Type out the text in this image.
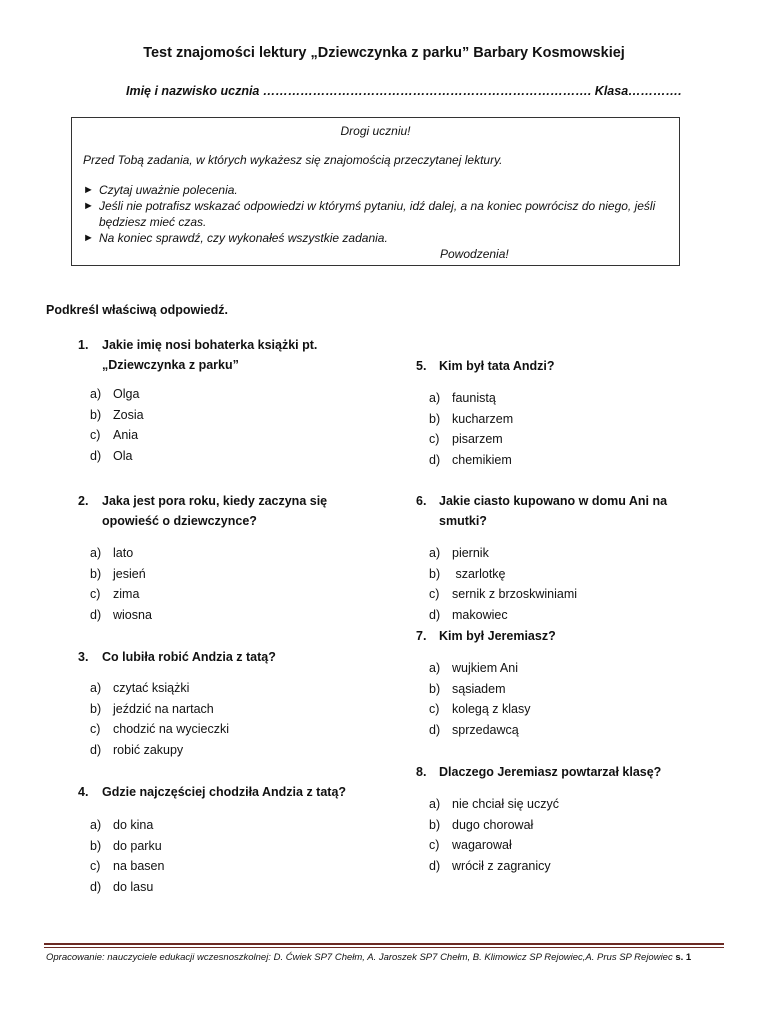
Test znajomości lektury „Dziewczynka z parku” Barbary Kosmowskiej
Imię i nazwisko ucznia ……………………………………………………………………. Klasa………….
Drogi uczniu!
Przed Tobą zadania, w których wykażesz się znajomością przeczytanej lektury.
► Czytaj uważnie polecenia.
► Jeśli nie potrafisz wskazać odpowiedzi w którymś pytaniu, idź dalej, a na koniec powrócisz do niego, jeśli będziesz mieć czas.
► Na koniec sprawdź, czy wykonałeś wszystkie zadania.
Powodzenia!
Podkreśl właściwą odpowiedź.
1. Jakie imię nosi bohaterka książki pt. „Dziewczynka z parku”
a) Olga
b) Zosia
c) Ania
d) Ola
2. Jaka jest pora roku, kiedy zaczyna się opowieść o dziewczynce?
a) lato
b) jesień
c) zima
d) wiosna
3. Co lubiła robić Andzia z tatą?
a) czytać książki
b) jeździć na nartach
c) chodzić na wycieczki
d) robić zakupy
4. Gdzie najczęściej chodziła Andzia z tatą?
a) do kina
b) do parku
c) na basen
d) do lasu
5. Kim był tata Andzi?
a) faunistą
b) kucharzem
c) pisarzem
d) chemikiem
6. Jakie ciasto kupowano w domu Ani na smutki?
a) piernik
b) szarlotkę
c) sernik z brzoskwiniami
d) makowiec
7. Kim był Jeremiasz?
a) wujkiem Ani
b) sąsiadem
c) kolegą z klasy
d) sprzedawcą
8. Dlaczego Jeremiasz powtarzał klasę?
a) nie chciał się uczyć
b) dugo chorował
c) wagarował
d) wrócił z zagranicy
Opracowanie: nauczyciele edukacji wczesnoszkolnej: D. Ćwiek SP7 Chełm, A. Jaroszek SP7 Chełm, B. Klimowicz SP Rejowiec,A. Prus SP Rejowiec s. 1
